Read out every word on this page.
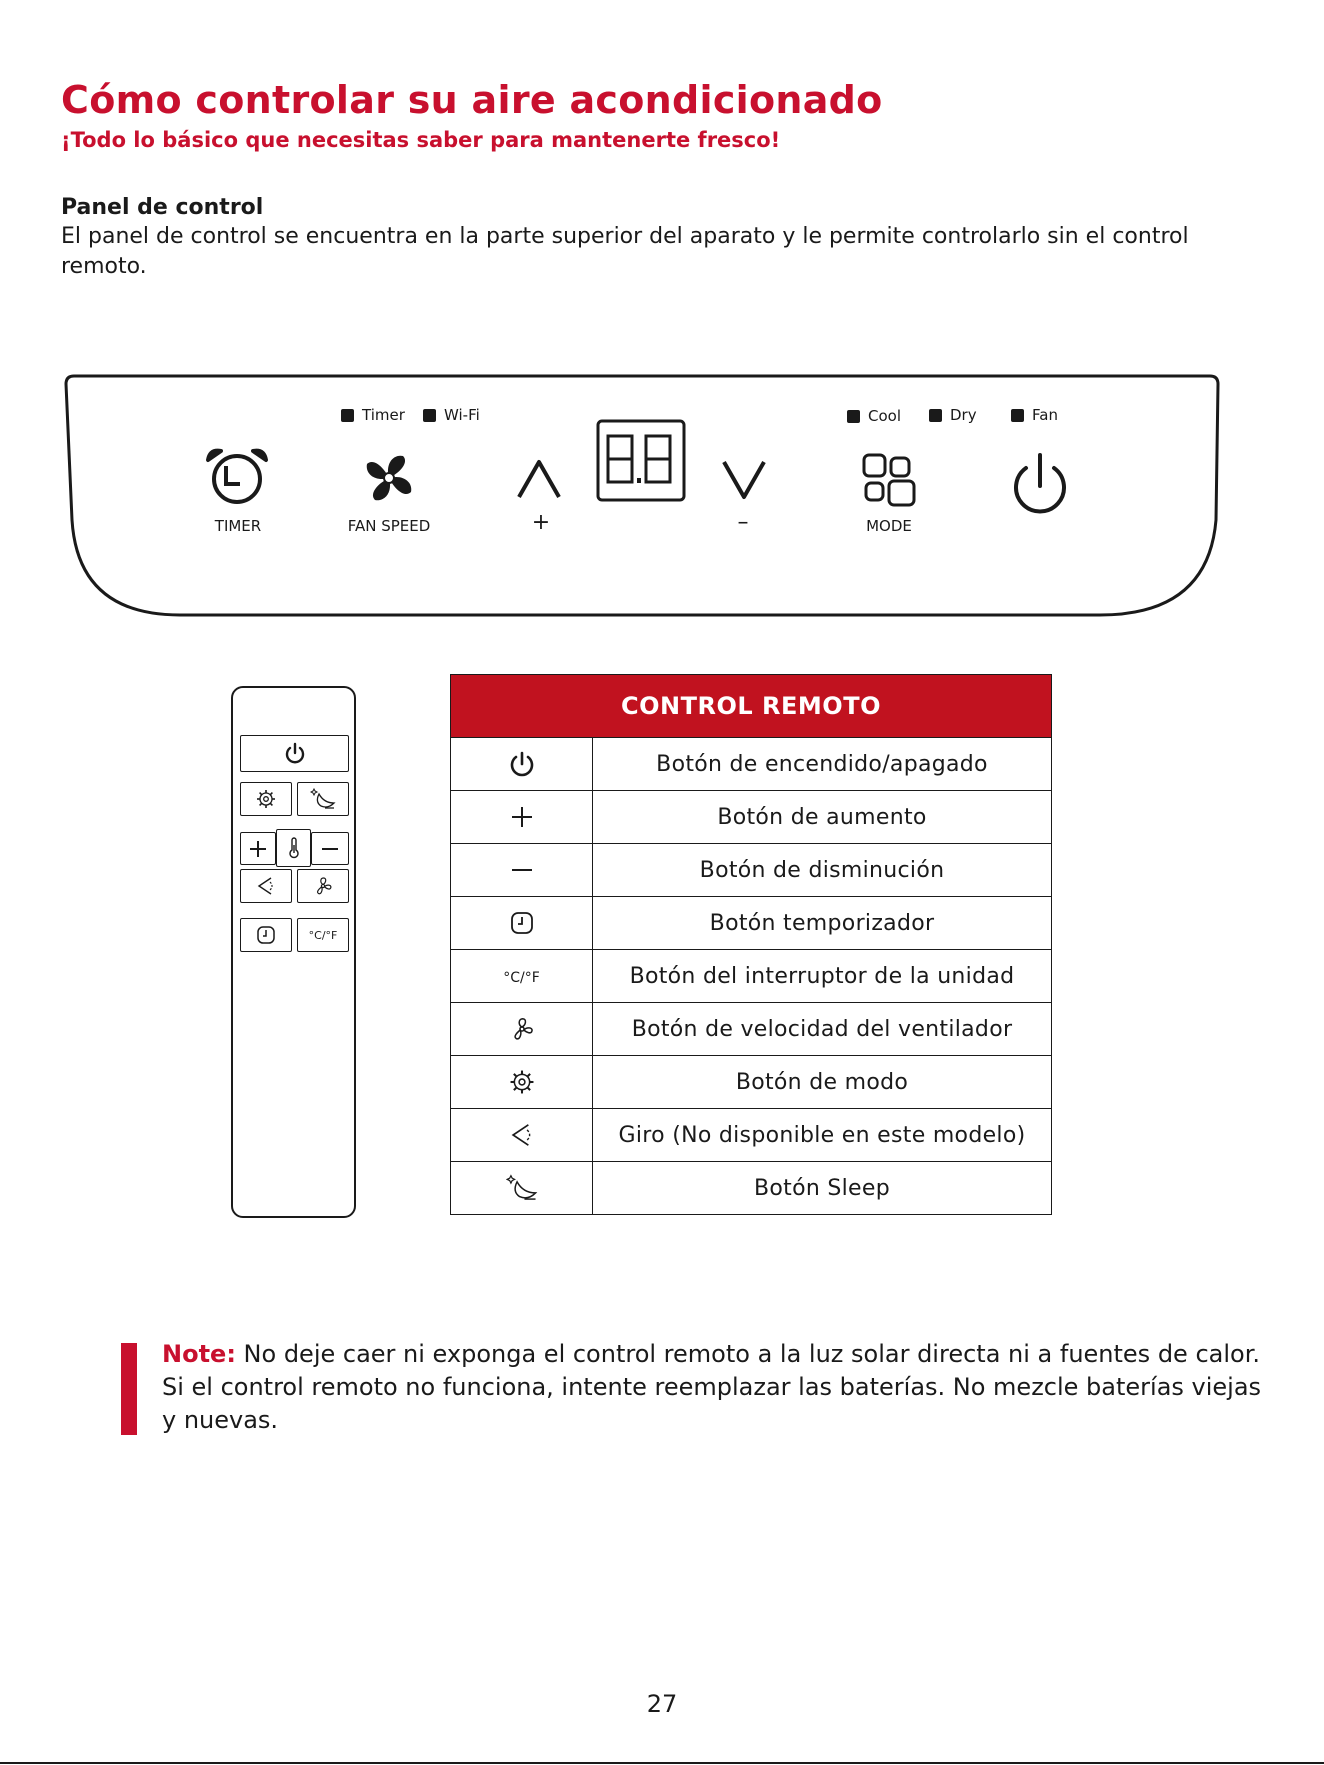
Cómo controlar su aire acondicionado
¡Todo lo básico que necesitas saber para mantenerte fresco!
Panel de control
El panel de control se encuentra en la parte superior del aparato y le permite controlarlo sin el control remoto.
Timer	Wi-Fi	Cool	Dry	Fan
TIMER	FAN SPEED	+	–	MODE
°C/°F
CONTROL REMOTO	
	Botón de encendido/apagado
	Botón de aumento
	Botón de disminución
	Botón temporizador
°C/°F	Botón del interruptor de la unidad
	Botón de velocidad del ventilador
	Botón de modo
	Giro (No disponible en este modelo)
	Botón Sleep
Note: No deje caer ni exponga el control remoto a la luz solar directa ni a fuentes de calor. Si el control remoto no funciona, intente reemplazar las baterías. No mezcle baterías viejas y nuevas.
27
